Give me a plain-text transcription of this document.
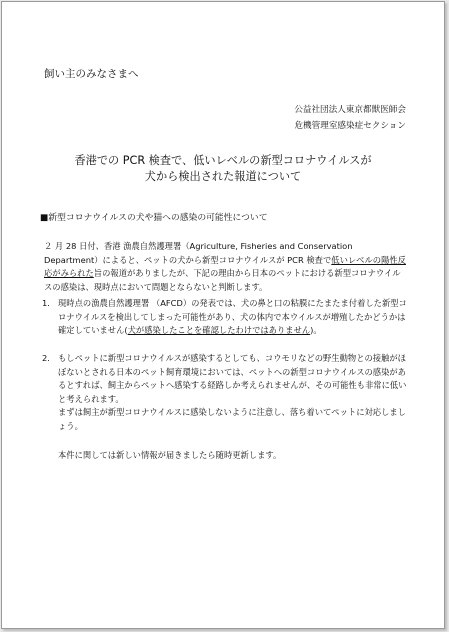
飼い主のみなさまへ
公益社団法人東京都獣医師会
危機管理室感染症セクション
香港での PCR 検査で、低いレベルの新型コロナウイルスが
犬から検出された報道について
■新型コロナウイルスの犬や猫への感染の可能性について
２ 月 28 日付、香港 漁農自然護理署（Agriculture, Fisheries and Conservation Department）によると、ペットの犬から新型コロナウイルスが PCR 検査で低いレベルの陽性反応がみられた旨の報道がありましたが、下記の理由から日本のペットにおける新型コロナウイルスの感染は、現時点において問題とならないと判断します。
1. 現時点の漁農自然護理署 （AFCD）の発表では、犬の鼻と口の粘膜にたまたま付着した新型コロナウイルスを検出してしまった可能性があり、犬の体内で本ウイルスが増殖したかどうかは確定していません(犬が感染したことを確認したわけではありません)。
2. もしペットに新型コロナウイルスが感染するとしても、コウモリなどの野生動物との接触がほぼないとされる日本のペット飼育環境においては、ペットへの新型コロナウイルスの感染があるとすれば、飼主からペットへ感染する経路しか考えられませんが、その可能性も非常に低いと考えられます。
まずは飼主が新型コロナウイルスに感染しないように注意し、落ち着いてペットに対応しましょう。
本件に関しては新しい情報が届きましたら随時更新します。
